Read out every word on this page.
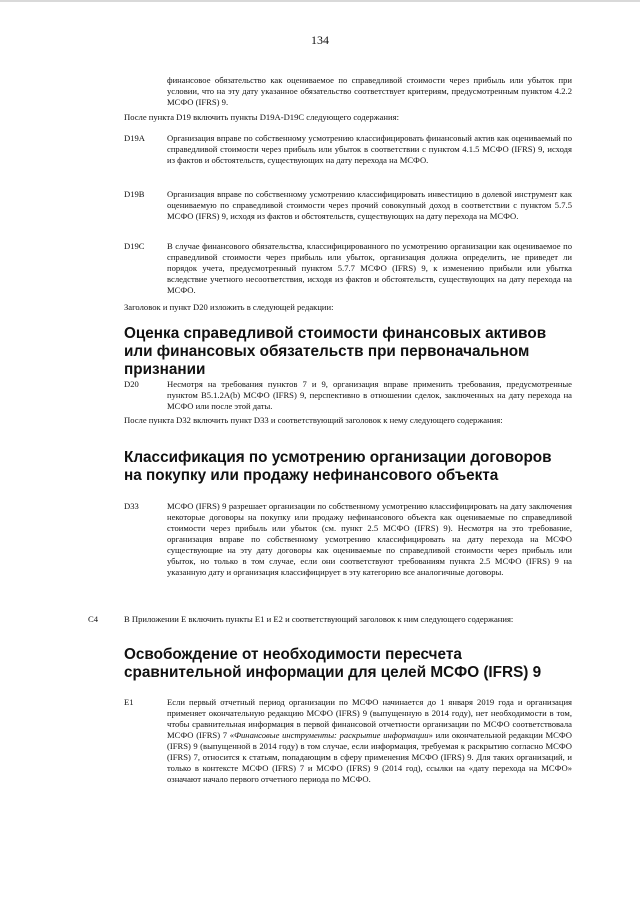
134
финансовое обязательство как оцениваемое по справедливой стоимости через прибыль или убыток при условии, что на эту дату указанное обязательство соответствует критериям, предусмотренным пунктом 4.2.2 МСФО (IFRS) 9.
После пункта D19 включить пункты D19A-D19C следующего содержания:
D19A	Организация вправе по собственному усмотрению классифицировать финансовый актив как оцениваемый по справедливой стоимости через прибыль или убыток в соответствии с пунктом 4.1.5 МСФО (IFRS) 9, исходя из фактов и обстоятельств, существующих на дату перехода на МСФО.
D19B	Организация вправе по собственному усмотрению классифицировать инвестицию в долевой инструмент как оцениваемую по справедливой стоимости через прочий совокупный доход в соответствии с пунктом 5.7.5 МСФО (IFRS) 9, исходя из фактов и обстоятельств, существующих на дату перехода на МСФО.
D19C	В случае финансового обязательства, классифицированного по усмотрению организации как оцениваемое по справедливой стоимости через прибыль или убыток, организация должна определить, не приведет ли порядок учета, предусмотренный пунктом 5.7.7 МСФО (IFRS) 9, к изменению прибыли или убытка вследствие учетного несоответствия, исходя из фактов и обстоятельств, существующих на дату перехода на МСФО.
Заголовок и пункт D20 изложить в следующей редакции:
Оценка справедливой стоимости финансовых активов или финансовых обязательств при первоначальном признании
D20	Несмотря на требования пунктов 7 и 9, организация вправе применить требования, предусмотренные пунктом B5.1.2A(b) МСФО (IFRS) 9, перспективно в отношении сделок, заключенных на дату перехода на МСФО или после этой даты.
После пункта D32 включить пункт D33 и соответствующий заголовок к нему следующего содержания:
Классификация по усмотрению организации договоров на покупку или продажу нефинансового объекта
D33	МСФО (IFRS) 9 разрешает организации по собственному усмотрению классифицировать на дату заключения некоторые договоры на покупку или продажу нефинансового объекта как оцениваемые по справедливой стоимости через прибыль или убыток (см. пункт 2.5 МСФО (IFRS) 9). Несмотря на это требование, организация вправе по собственному усмотрению классифицировать на дату перехода на МСФО существующие на эту дату договоры как оцениваемые по справедливой стоимости через прибыль или убыток, но только в том случае, если они соответствуют требованиям пункта 2.5 МСФО (IFRS) 9 на указанную дату и организация классифицирует в эту категорию все аналогичные договоры.
C4	В Приложении Е включить пункты Е1 и Е2 и соответствующий заголовок к ним следующего содержания:
Освобождение от необходимости пересчета сравнительной информации для целей МСФО (IFRS) 9
E1	Если первый отчетный период организации по МСФО начинается до 1 января 2019 года и организация применяет окончательную редакцию МСФО (IFRS) 9 (выпущенную в 2014 году), нет необходимости в том, чтобы сравнительная информация в первой финансовой отчетности организации по МСФО соответствовала МСФО (IFRS) 7 «Финансовые инструменты: раскрытие информации» или окончательной редакции МСФО (IFRS) 9 (выпущенной в 2014 году) в том случае, если информация, требуемая к раскрытию согласно МСФО (IFRS) 7, относится к статьям, попадающим в сферу применения МСФО (IFRS) 9. Для таких организаций, и только в контексте МСФО (IFRS) 7 и МСФО (IFRS) 9 (2014 год), ссылки на «дату перехода на МСФО» означают начало первого отчетного периода по МСФО.
